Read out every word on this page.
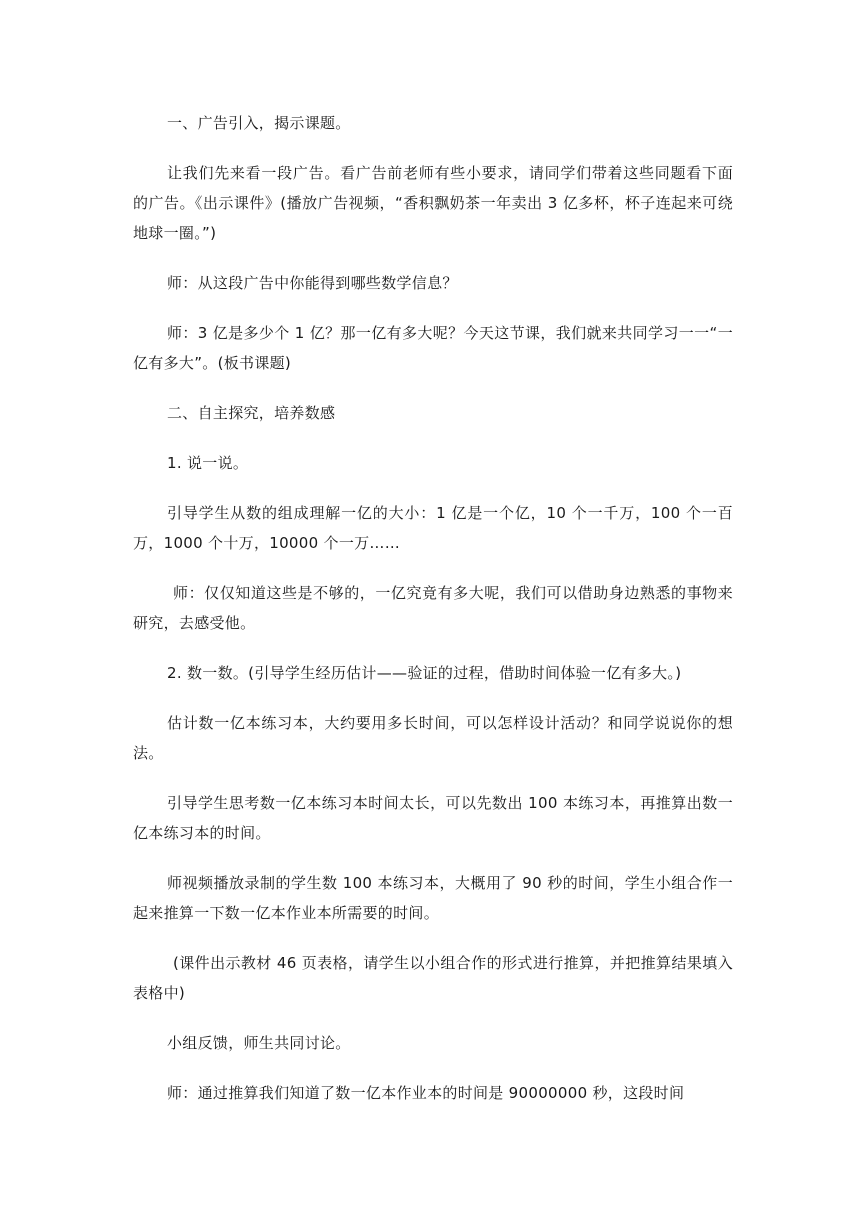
一、广告引入，揭示课题。

让我们先来看一段广告。看广告前老师有些小要求，请同学们带着这些同题看下面的广告。《出示课件》(播放广告视频，“香积飘奶茶一年卖出 3 亿多杯，杯子连起来可绕地球一圈。”)

师：从这段广告中你能得到哪些数学信息？

师：3 亿是多少个 1 亿？那一亿有多大呢？今天这节课，我们就来共同学习一一“一亿有多大”。(板书课题)

二、自主探究，培养数感

1. 说一说。

引导学生从数的组成理解一亿的大小：1 亿是一个亿，10 个一千万，100 个一百万，1000 个十万，10000 个一万……

师：仅仅知道这些是不够的，一亿究竟有多大呢，我们可以借助身边熟悉的事物来研究，去感受他。

2. 数一数。(引导学生经历估计——验证的过程，借助时间体验一亿有多大。)

估计数一亿本练习本，大约要用多长时间，可以怎样设计活动？和同学说说你的想法。

引导学生思考数一亿本练习本时间太长，可以先数出 100 本练习本，再推算出数一亿本练习本的时间。

师视频播放录制的学生数 100 本练习本，大概用了 90 秒的时间，学生小组合作一起来推算一下数一亿本作业本所需要的时间。

(课件出示教材 46 页表格，请学生以小组合作的形式进行推算，并把推算结果填入表格中)

小组反馈，师生共同讨论。

师：通过推算我们知道了数一亿本作业本的时间是 90000000 秒，这段时间
